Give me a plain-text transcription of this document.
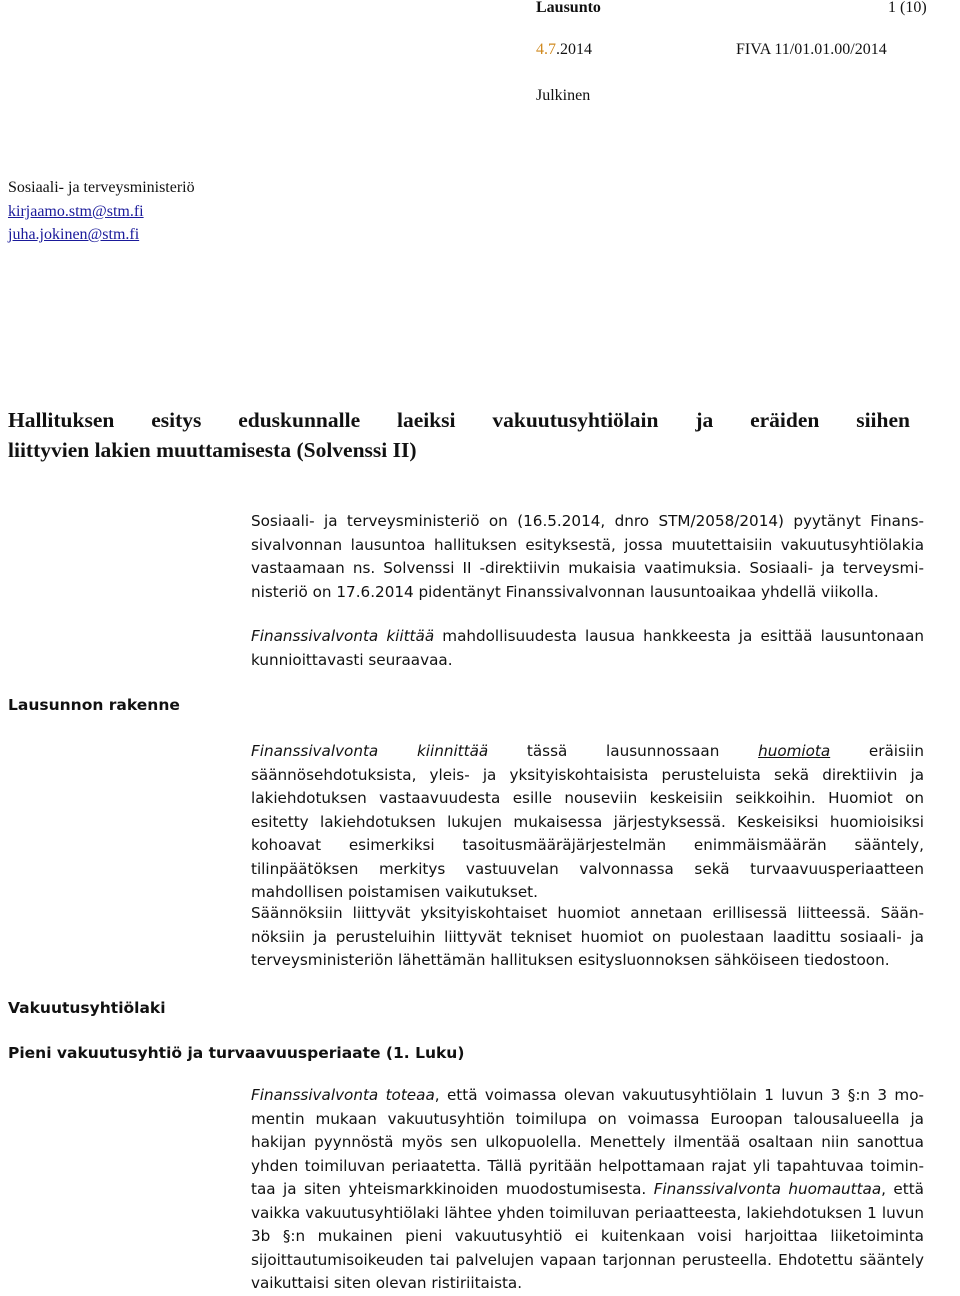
Lausunto	1 (10)
4.7.2014	FIVA 11/01.01.00/2014
Julkinen
Sosiaali- ja terveysministeriö
kirjaamo.stm@stm.fi
juha.jokinen@stm.fi
Hallituksen esitys eduskunnalle laeiksi vakuutusyhtiölain ja eräiden siihen
liittyvien lakien muuttamisesta (Solvenssi II)
Sosiaali- ja terveysministeriö on (16.5.2014, dnro STM/2058/2014) pyytänyt Finanssivalvonnan lausuntoa hallituksen esityksestä, jossa muutettaisiin vakuutusyhtiölakia vastaamaan ns. Solvenssi II -direktiivin mukaisia vaatimuksia. Sosiaali- ja terveysministeriö on 17.6.2014 pidentänyt Finanssivalvonnan lausuntoaikaa yhdellä viikolla.
Finanssivalvonta kiittää mahdollisuudesta lausua hankkeesta ja esittää lausuntonaan kunnioittavasti seuraavaa.
Lausunnon rakenne
Finanssivalvonta kiinnittää tässä lausunnossaan huomiota eräisiin säännösehdotuksista, yleis- ja yksityiskohtaisista perusteluista sekä direktiivin ja lakiehdotuksen vastaavuudesta esille nouseviin keskeisiin seikkoihin. Huomiot on esitetty lakiehdotuksen lukujen mukaisessa järjestyksessä. Keskeisiksi huomioisiksi kohoavat esimerkiksi tasoitusmääräjärjestelmän enimmäismäärän sääntely, tilinpäätöksen merkitys vastuuvelan valvonnassa sekä turvaavuusperiaatteen mahdollisen poistamisen vaikutukset.
Säännöksiin liittyvät yksityiskohtaiset huomiot annetaan erillisessä liitteessä. Säännöksiin ja perusteluihin liittyvät tekniset huomiot on puolestaan laadittu sosiaali- ja terveysministeriön lähettämän hallituksen esitysluonnoksen sähköiseen tiedostoon.
Vakuutusyhtiölaki
Pieni vakuutusyhtiö ja turvaavuusperiaate (1. Luku)
Finanssivalvonta toteaa, että voimassa olevan vakuutusyhtiölain 1 luvun 3 §:n 3 momentin mukaan vakuutusyhtiön toimilupa on voimassa Euroopan talousalueella ja hakijan pyynnöstä myös sen ulkopuolella. Menettely ilmentää osaltaan niin sanottua yhden toimiluvan periaatetta. Tällä pyritään helpottamaan rajat yli tapahtuvaa toimintaa ja siten yhteismarkkinoiden muodostumisesta. Finanssivalvonta huomauttaa, että vaikka vakuutusyhtiölaki lähtee yhden toimiluvan periaatteesta, lakiehdotuksen 1 luvun 3b §:n mukainen pieni vakuutusyhtiö ei kuitenkaan voisi harjoittaa liiketoiminta sijoittautumisoikeuden tai palvelujen vapaan tarjonnan perusteella. Ehdotettu sääntely vaikuttaisi siten olevan ristiriitaista.
